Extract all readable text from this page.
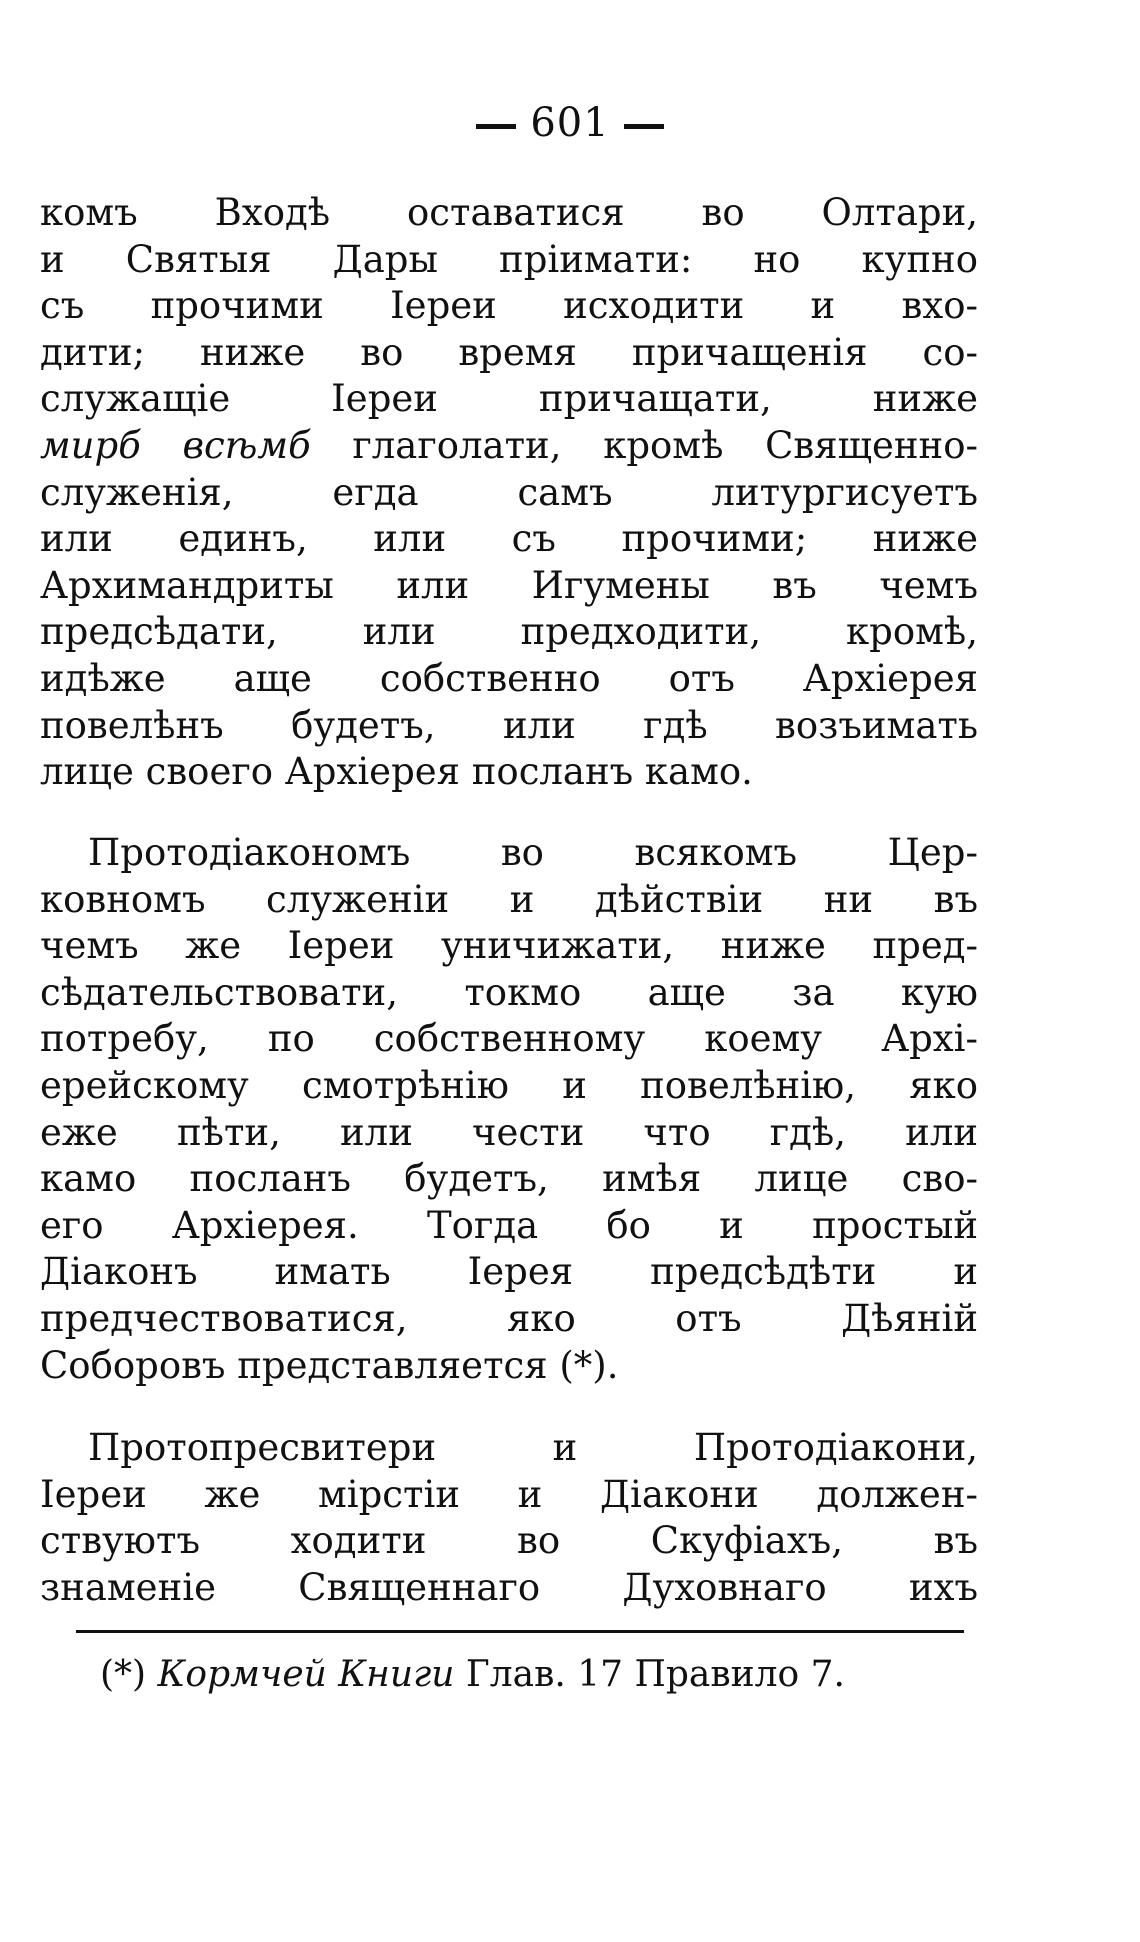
601
комъ Входѣ оставатися во Олтари,
и Святыя Дары пріимати: но купно
съ прочими Іереи исходити и вхо-
дити; ниже во время причащенія со-
служащіе Іереи причащати, ниже
мирб всѣмб глаголати, кромѣ Священно-
служенія, егда самъ литургисуетъ
или единъ, или съ прочими; ниже
Архимандриты или Игумены въ чемъ
предсѣдати, или предходити, кромѣ,
идѣже аще собственно отъ Архіерея
повелѣнъ будетъ, или гдѣ возъимать
лице своего Архіерея посланъ камо.
Протодіакономъ во всякомъ Цер-
ковномъ служеніи и дѣйствіи ни въ
чемъ же Іереи уничижати, ниже пред-
сѣдательствовати, токмо аще за кую
потребу, по собственному коему Архі-
ерейскому смотрѣнію и повелѣнію, яко
еже пѣти, или чести что гдѣ, или
камо посланъ будетъ, имѣя лице сво-
его Архіерея. Тогда бо и простый
Діаконъ имать Іерея предсѣдѣти и
предчествоватися, яко отъ Дѣяній
Соборовъ представляется (*).
Протопресвитери и Протодіакони,
Іереи же мірстіи и Діакони должен-
ствуютъ ходити во Скуфіахъ, въ
знаменіе Священнаго Духовнаго ихъ
(*) Кормчей Книги Глав. 17 Правило 7.
